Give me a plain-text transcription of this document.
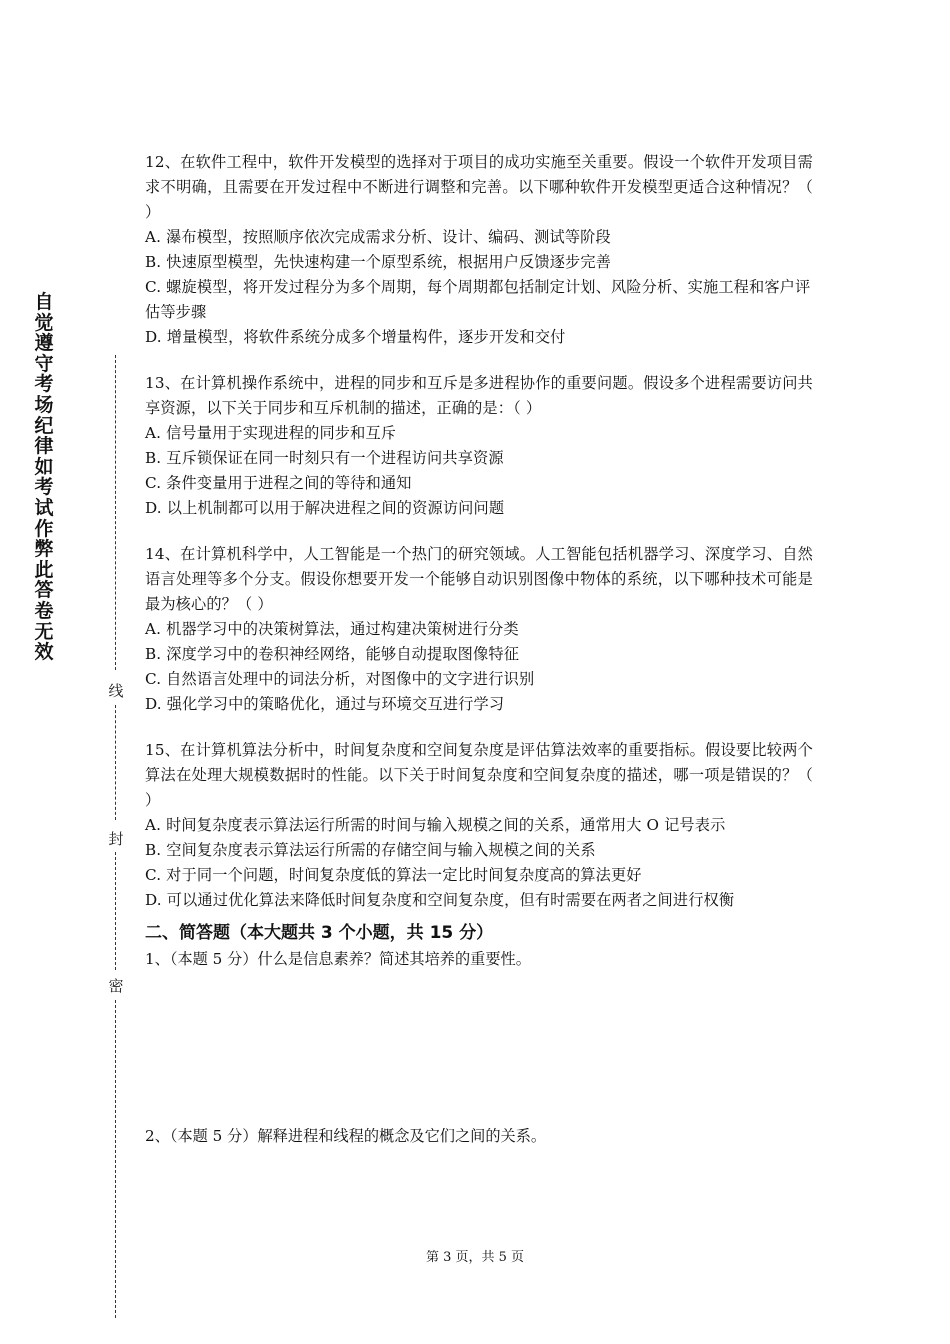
自觉遵守考场纪律如考试作弊此答卷无效
线
封
密

12、在软件工程中，软件开发模型的选择对于项目的成功实施至关重要。假设一个软件开发项目需求不明确，且需要在开发过程中不断进行调整和完善。以下哪种软件开发模型更适合这种情况？（ ）

A. 瀑布模型，按照顺序依次完成需求分析、设计、编码、测试等阶段

B. 快速原型模型，先快速构建一个原型系统，根据用户反馈逐步完善

C. 螺旋模型，将开发过程分为多个周期，每个周期都包括制定计划、风险分析、实施工程和客户评估等步骤

D. 增量模型，将软件系统分成多个增量构件，逐步开发和交付

13、在计算机操作系统中，进程的同步和互斥是多进程协作的重要问题。假设多个进程需要访问共享资源，以下关于同步和互斥机制的描述，正确的是：（ ）

A. 信号量用于实现进程的同步和互斥

B. 互斥锁保证在同一时刻只有一个进程访问共享资源

C. 条件变量用于进程之间的等待和通知

D. 以上机制都可以用于解决进程之间的资源访问问题

14、在计算机科学中，人工智能是一个热门的研究领域。人工智能包括机器学习、深度学习、自然语言处理等多个分支。假设你想要开发一个能够自动识别图像中物体的系统，以下哪种技术可能是最为核心的？（ ）

A. 机器学习中的决策树算法，通过构建决策树进行分类

B. 深度学习中的卷积神经网络，能够自动提取图像特征

C. 自然语言处理中的词法分析，对图像中的文字进行识别

D. 强化学习中的策略优化，通过与环境交互进行学习

15、在计算机算法分析中，时间复杂度和空间复杂度是评估算法效率的重要指标。假设要比较两个算法在处理大规模数据时的性能。以下关于时间复杂度和空间复杂度的描述，哪一项是错误的？（ ）

A. 时间复杂度表示算法运行所需的时间与输入规模之间的关系，通常用大 O 记号表示

B. 空间复杂度表示算法运行所需的存储空间与输入规模之间的关系

C. 对于同一个问题，时间复杂度低的算法一定比时间复杂度高的算法更好

D. 可以通过优化算法来降低时间复杂度和空间复杂度，但有时需要在两者之间进行权衡

二、简答题（本大题共 3 个小题，共 15 分）

1、（本题 5 分）什么是信息素养？简述其培养的重要性。

2、（本题 5 分）解释进程和线程的概念及它们之间的关系。

第 3 页，共 5 页
